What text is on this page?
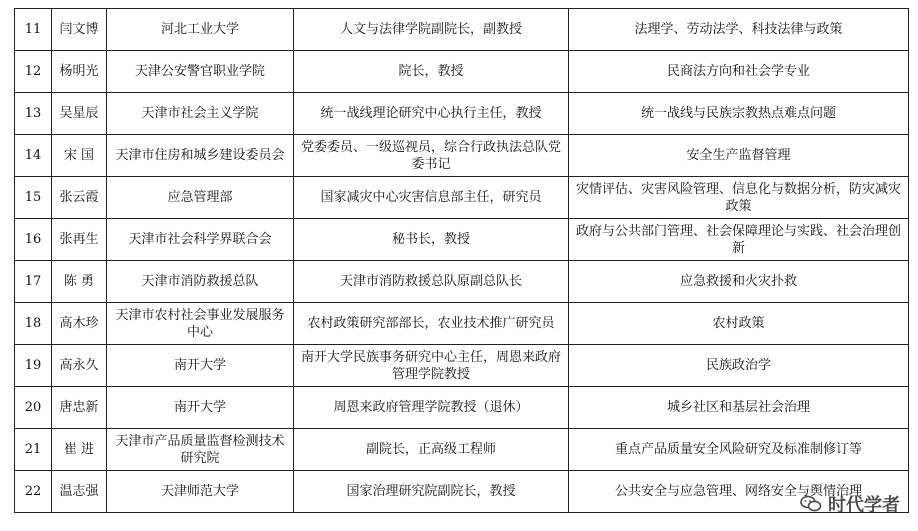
11	闫文博	河北工业大学	人文与法律学院副院长，副教授	法理学、劳动法学、科技法律与政策
12	杨明光	天津公安警官职业学院	院长，教授	民商法方向和社会学专业
13	吴星辰	天津市社会主义学院	统一战线理论研究中心执行主任，教授	统一战线与民族宗教热点难点问题
14	宋 国	天津市住房和城乡建设委员会	党委委员、一级巡视员，综合行政执法总队党委书记	安全生产监督管理
15	张云霞	应急管理部	国家减灾中心灾害信息部主任，研究员	灾情评估、灾害风险管理、信息化与数据分析，防灾减灾政策
16	张再生	天津市社会科学界联合会	秘书长，教授	政府与公共部门管理、社会保障理论与实践、社会治理创新
17	陈 勇	天津市消防救援总队	天津市消防救援总队原副总队长	应急救援和火灾扑救
18	高木珍	天津市农村社会事业发展服务中心	农村政策研究部部长，农业技术推广研究员	农村政策
19	高永久	南开大学	南开大学民族事务研究中心主任，周恩来政府管理学院教授	民族政治学
20	唐忠新	南开大学	周恩来政府管理学院教授（退休）	城乡社区和基层社会治理
21	崔 进	天津市产品质量监督检测技术研究院	副院长，正高级工程师	重点产品质量安全风险研究及标准制修订等
22	温志强	天津师范大学	国家治理研究院副院长，教授	公共安全与应急管理、网络安全与舆情治理
时代学者
